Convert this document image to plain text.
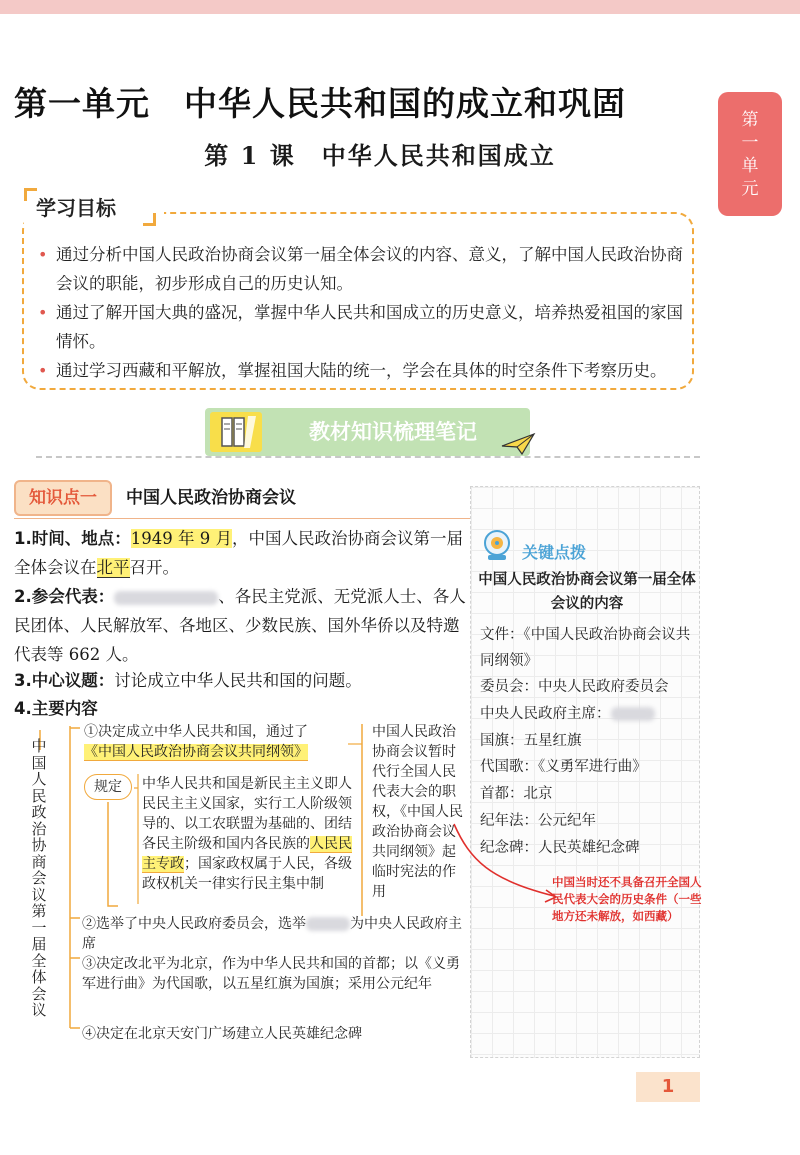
第一单元　中华人民共和国的成立和巩固
第 1 课　中华人民共和国成立
第
一
单
元
学习目标
• 通过分析中国人民政治协商会议第一届全体会议的内容、意义，了解中国人民政治协商会议的职能，初步形成自己的历史认知。
• 通过了解开国大典的盛况，掌握中华人民共和国成立的历史意义，培养热爱祖国的家国情怀。
• 通过学习西藏和平解放，掌握祖国大陆的统一，学会在具体的时空条件下考察历史。
教材知识梳理笔记
关键点拨
中国人民政治协商会议第一届全体会议的内容
文件：《中国人民政治协商会议共同纲领》
委员会：中央人民政府委员会
中央人民政府主席：
国旗：五星红旗
代国歌：《义勇军进行曲》
首都：北京
纪年法：公元纪年
纪念碑：人民英雄纪念碑
中国当时还不具备召开全国人民代表大会的历史条件（一些地方还未解放，如西藏）
知识点一	中国人民政治协商会议
1.时间、地点：1949 年 9 月，中国人民政治协商会议第一届全体会议在北平召开。
2.参会代表：	、各民主党派、无党派人士、各人民团体、人民解放军、各地区、少数民族、国外华侨以及特邀代表等 662 人。
3.中心议题：讨论成立中华人民共和国的问题。
4.主要内容
中国人民政治协商会议第一届全体会议
①决定成立中华人民共和国，通过了
《中国人民政治协商会议共同纲领》
规定	中华人民共和国是新民主主义即人民民主主义国家，实行工人阶级领导的、以工农联盟为基础的、团结各民主阶级和国内各民族的人民民主专政；国家政权属于人民，各级政权机关一律实行民主集中制
中国人民政治协商会议暂时代行全国人民代表大会的职权，《中国人民政治协商会议共同纲领》起临时宪法的作用
②选举了中央人民政府委员会，选举	为中央人民政府主席
③决定改北平为北京，作为中华人民共和国的首都；以《义勇军进行曲》为代国歌，以五星红旗为国旗；采用公元纪年
④决定在北京天安门广场建立人民英雄纪念碑
1
